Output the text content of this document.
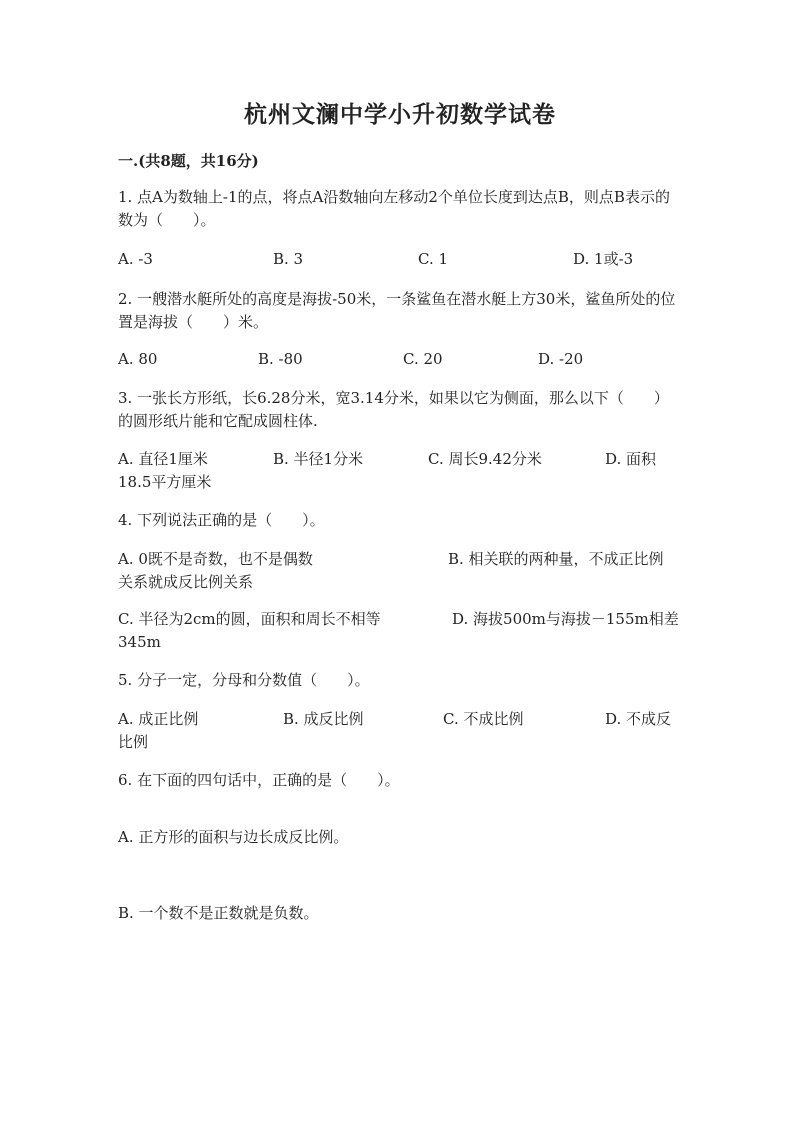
杭州文澜中学小升初数学试卷
一.(共8题，共16分)
1. 点A为数轴上-1的点，将点A沿数轴向左移动2个单位长度到达点B，则点B表示的数为（　　）。
A. -3	B. 3	C. 1	D. 1或-3
2. 一艘潜水艇所处的高度是海拔-50米，一条鲨鱼在潜水艇上方30米，鲨鱼所处的位置是海拔（　　）米。
A. 80	B. -80	C. 20	D. -20
3. 一张长方形纸，长6.28分米，宽3.14分米，如果以它为侧面，那么以下（　　）的圆形纸片能和它配成圆柱体.
A. 直径1厘米	B. 半径1分米	C. 周长9.42分米	D. 面积
18.5平方厘米
4. 下列说法正确的是（　　）。
A. 0既不是奇数，也不是偶数	B. 相关联的两种量，不成正比例
关系就成反比例关系
C. 半径为2cm的圆，面积和周长不相等	D. 海拔500m与海拔－155m相差
345m
5. 分子一定，分母和分数值（　　）。
A. 成正比例	B. 成反比例	C. 不成比例	D. 不成反
比例
6. 在下面的四句话中，正确的是（　　）。
A. 正方形的面积与边长成反比例。
B. 一个数不是正数就是负数。
